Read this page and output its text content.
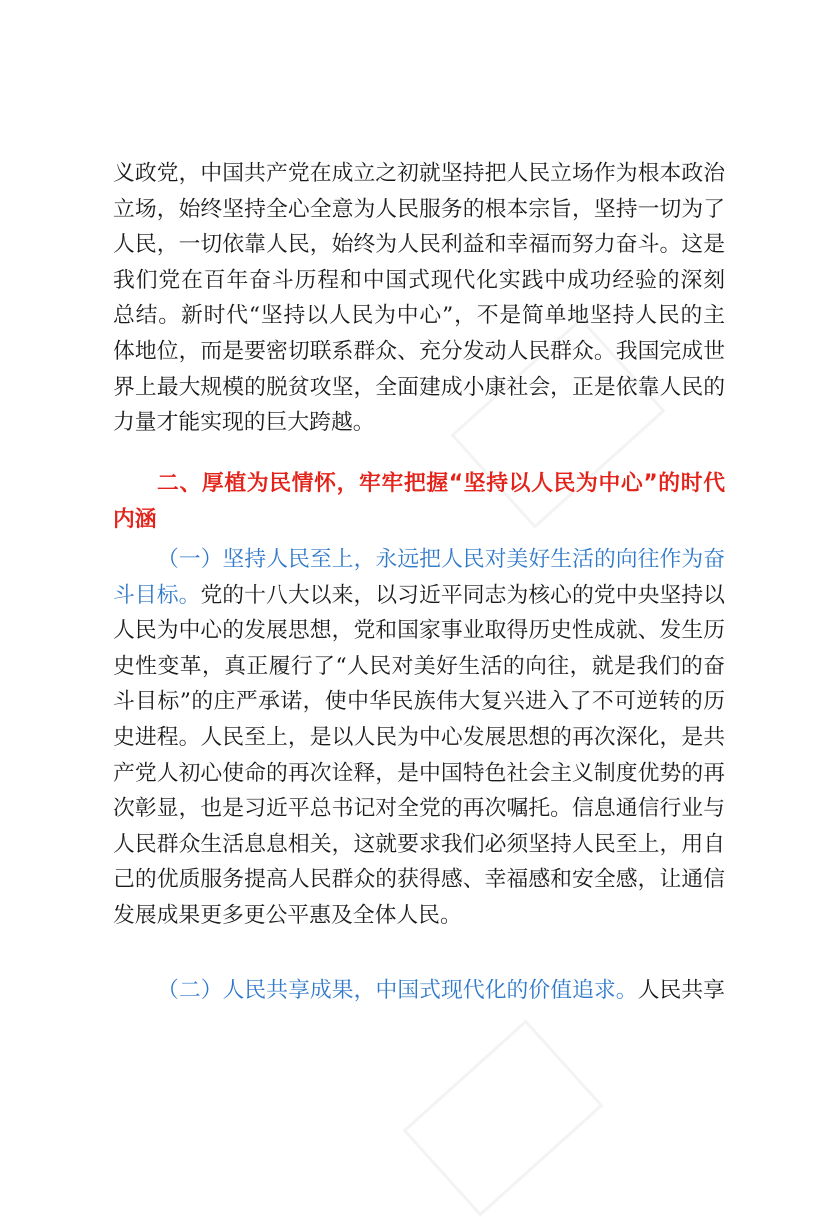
义政党，中国共产党在成立之初就坚持把人民立场作为根本政治
立场，始终坚持全心全意为人民服务的根本宗旨，坚持一切为了
人民，一切依靠人民，始终为人民利益和幸福而努力奋斗。这是
我们党在百年奋斗历程和中国式现代化实践中成功经验的深刻
总结。新时代“坚持以人民为中心”，不是简单地坚持人民的主
体地位，而是要密切联系群众、充分发动人民群众。我国完成世
界上最大规模的脱贫攻坚，全面建成小康社会，正是依靠人民的
力量才能实现的巨大跨越。
二、厚植为民情怀，牢牢把握“坚持以人民为中心”的时代
内涵
（一）坚持人民至上，永远把人民对美好生活的向往作为奋
斗目标。党的十八大以来，以习近平同志为核心的党中央坚持以
人民为中心的发展思想，党和国家事业取得历史性成就、发生历
史性变革，真正履行了“人民对美好生活的向往，就是我们的奋
斗目标”的庄严承诺，使中华民族伟大复兴进入了不可逆转的历
史进程。人民至上，是以人民为中心发展思想的再次深化，是共
产党人初心使命的再次诠释，是中国特色社会主义制度优势的再
次彰显，也是习近平总书记对全党的再次嘱托。信息通信行业与
人民群众生活息息相关，这就要求我们必须坚持人民至上，用自
己的优质服务提高人民群众的获得感、幸福感和安全感，让通信
发展成果更多更公平惠及全体人民。
（二）人民共享成果，中国式现代化的价值追求。人民共享
